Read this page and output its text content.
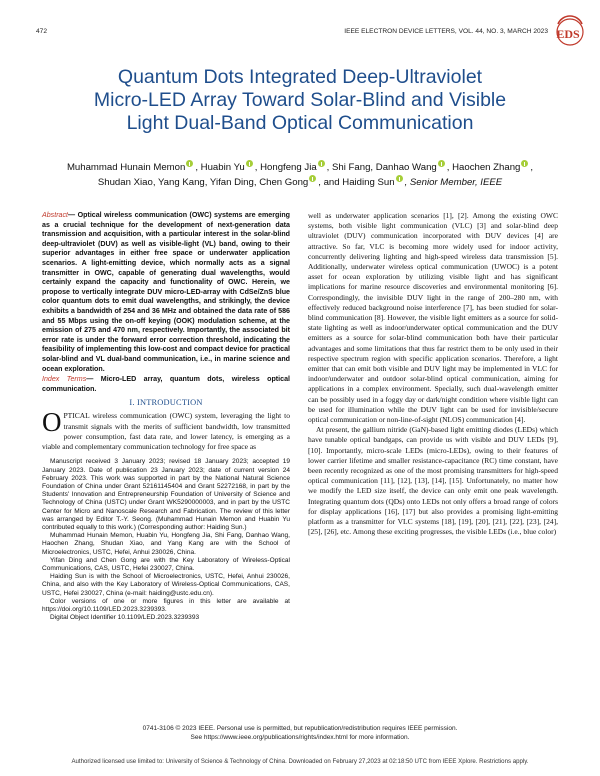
472	IEEE ELECTRON DEVICE LETTERS, VOL. 44, NO. 3, MARCH 2023 EDS
Quantum Dots Integrated Deep-Ultraviolet
Micro-LED Array Toward Solar-Blind and Visible
Light Dual-Band Optical Communication
Muhammad Hunain Memon , Huabin Yu , Hongfeng Jia , Shi Fang, Danhao Wang , Haochen Zhang ,
Shudan Xiao, Yang Kang, Yifan Ding, Chen Gong , and Haiding Sun , Senior Member, IEEE
Abstract— Optical wireless communication (OWC) systems are emerging as a crucial technique for the development of next-generation data transmission and acquisition, with a particular interest in the solar-blind deep-ultraviolet (DUV) as well as visible-light (VL) band, owing to their superior advantages in either free space or underwater application scenarios. A light-emitting device, which normally acts as a signal transmitter in OWC, capable of generating dual wavelengths, would certainly expand the capacity and functionality of OWC. Herein, we propose to vertically integrate DUV micro-LED-array with CdSe/ZnS blue color quantum dots to emit dual wavelengths, and strikingly, the device exhibits a bandwidth of 254 and 36 MHz and obtained the data rate of 586 and 55 Mbps using the on-off keying (OOK) modulation scheme, at the emission of 275 and 470 nm, respectively. Importantly, the associated bit error rate is under the forward error correction threshold, indicating the feasibility of implementing this low-cost and compact device for practical solar-blind and VL dual-band communication, i.e., in marine science and ocean exploration.
Index Terms— Micro-LED array, quantum dots, wireless optical communication.
I. INTRODUCTION
OPTICAL wireless communication (OWC) system, leveraging the light to transmit signals with the merits of sufficient bandwidth, low transmitted power consumption, fast data rate, and lower latency, is emerging as a viable and complementary communication technology for free space as

Manuscript received 3 January 2023; revised 18 January 2023; accepted 19 January 2023. Date of publication 23 January 2023; date of current version 24 February 2023. This work was supported in part by the National Natural Science Foundation of China under Grant 52161145404 and Grant 52272168, in part by the Students' Innovation and Entrepreneurship Foundation of University of Science and Technology of China (USTC) under Grant WK5290000003, and in part by the USTC Center for Micro and Nanoscale Research and Fabrication. The review of this letter was arranged by Editor T.-Y. Seong. (Muhammad Hunain Memon and Huabin Yu contributed equally to this work.) (Corresponding author: Haiding Sun.)

Muhammad Hunain Memon, Huabin Yu, Hongfeng Jia, Shi Fang, Danhao Wang, Haochen Zhang, Shudan Xiao, and Yang Kang are with the School of Microelectronics, USTC, Hefei, Anhui 230026, China.

Yifan Ding and Chen Gong are with the Key Laboratory of Wireless-Optical Communications, CAS, USTC, Hefei 230027, China.

Haiding Sun is with the School of Microelectronics, USTC, Hefei, Anhui 230026, China, and also with the Key Laboratory of Wireless-Optical Communications, CAS, USTC, Hefei 230027, China (e-mail: haiding@ustc.edu.cn).

Color versions of one or more figures in this letter are available at https://doi.org/10.1109/LED.2023.3239393.

Digital Object Identifier 10.1109/LED.2023.3239393

well as underwater application scenarios [1], [2]. Among the existing OWC systems, both visible light communication (VLC) [3] and solar-blind deep ultraviolet (DUV) communication incorporated with DUV devices [4] are attractive. So far, VLC is becoming more widely used for indoor activity, concurrently delivering lighting and high-speed wireless data transmission [5]. Additionally, underwater wireless optical communication (UWOC) is a potent asset for ocean exploration by utilizing visible light and has significant implications for marine resource discoveries and environmental monitoring [6]. Correspondingly, the invisible DUV light in the range of 200–280 nm, with effectively reduced background noise interference [7], has been studied for solar- blind communication [8]. However, the visible light emitters as a source for solid-state lighting as well as indoor/underwater optical communication and the DUV emitters as a source for solar-blind communication both have their particular advantages and some limitations that thus far restrict them to be only used in their respective spectrum region with specific application scenarios. Therefore, a light emitter that can emit both visible and DUV light may be implemented in VLC for indoor/underwater and outdoor solar-blind optical communication, aiming for applications in a complex environment. Specially, such dual-wavelength emitter can be possibly used in a foggy day or dark/night condition where visible light can be used for illumination while the DUV light can be used for invisible/secure optical communication or non-line-of-sight (NLOS) communication [4].

At present, the gallium nitride (GaN)-based light emitting diodes (LEDs) which have tunable optical bandgaps, can provide us with visible and DUV LEDs [9], [10]. Importantly, micro-scale LEDs (micro-LEDs), owing to their features of lower carrier lifetime and smaller resistance-capacitance (RC) time constant, have been recently recognized as one of the most promising transmitters for high-speed optical communication [11], [12], [13], [14], [15]. Unfortunately, no matter how we modify the LED size itself, the device can only emit one peak wavelength. Integrating quantum dots (QDs) onto LEDs not only offers a broad range of colors for display applications [16], [17] but also provides a promising light-emitting platform as a transmitter for VLC systems [18], [19], [20], [21], [22], [23], [24], [25], [26], etc. Among these exciting progresses, the visible LEDs (i.e., blue color)

0741-3106 © 2023 IEEE. Personal use is permitted, but republication/redistribution requires IEEE permission.
See https://www.ieee.org/publications/rights/index.html for more information.
Authorized licensed use limited to: University of Science & Technology of China. Downloaded on February 27,2023 at 02:18:50 UTC from IEEE Xplore. Restrictions apply.
